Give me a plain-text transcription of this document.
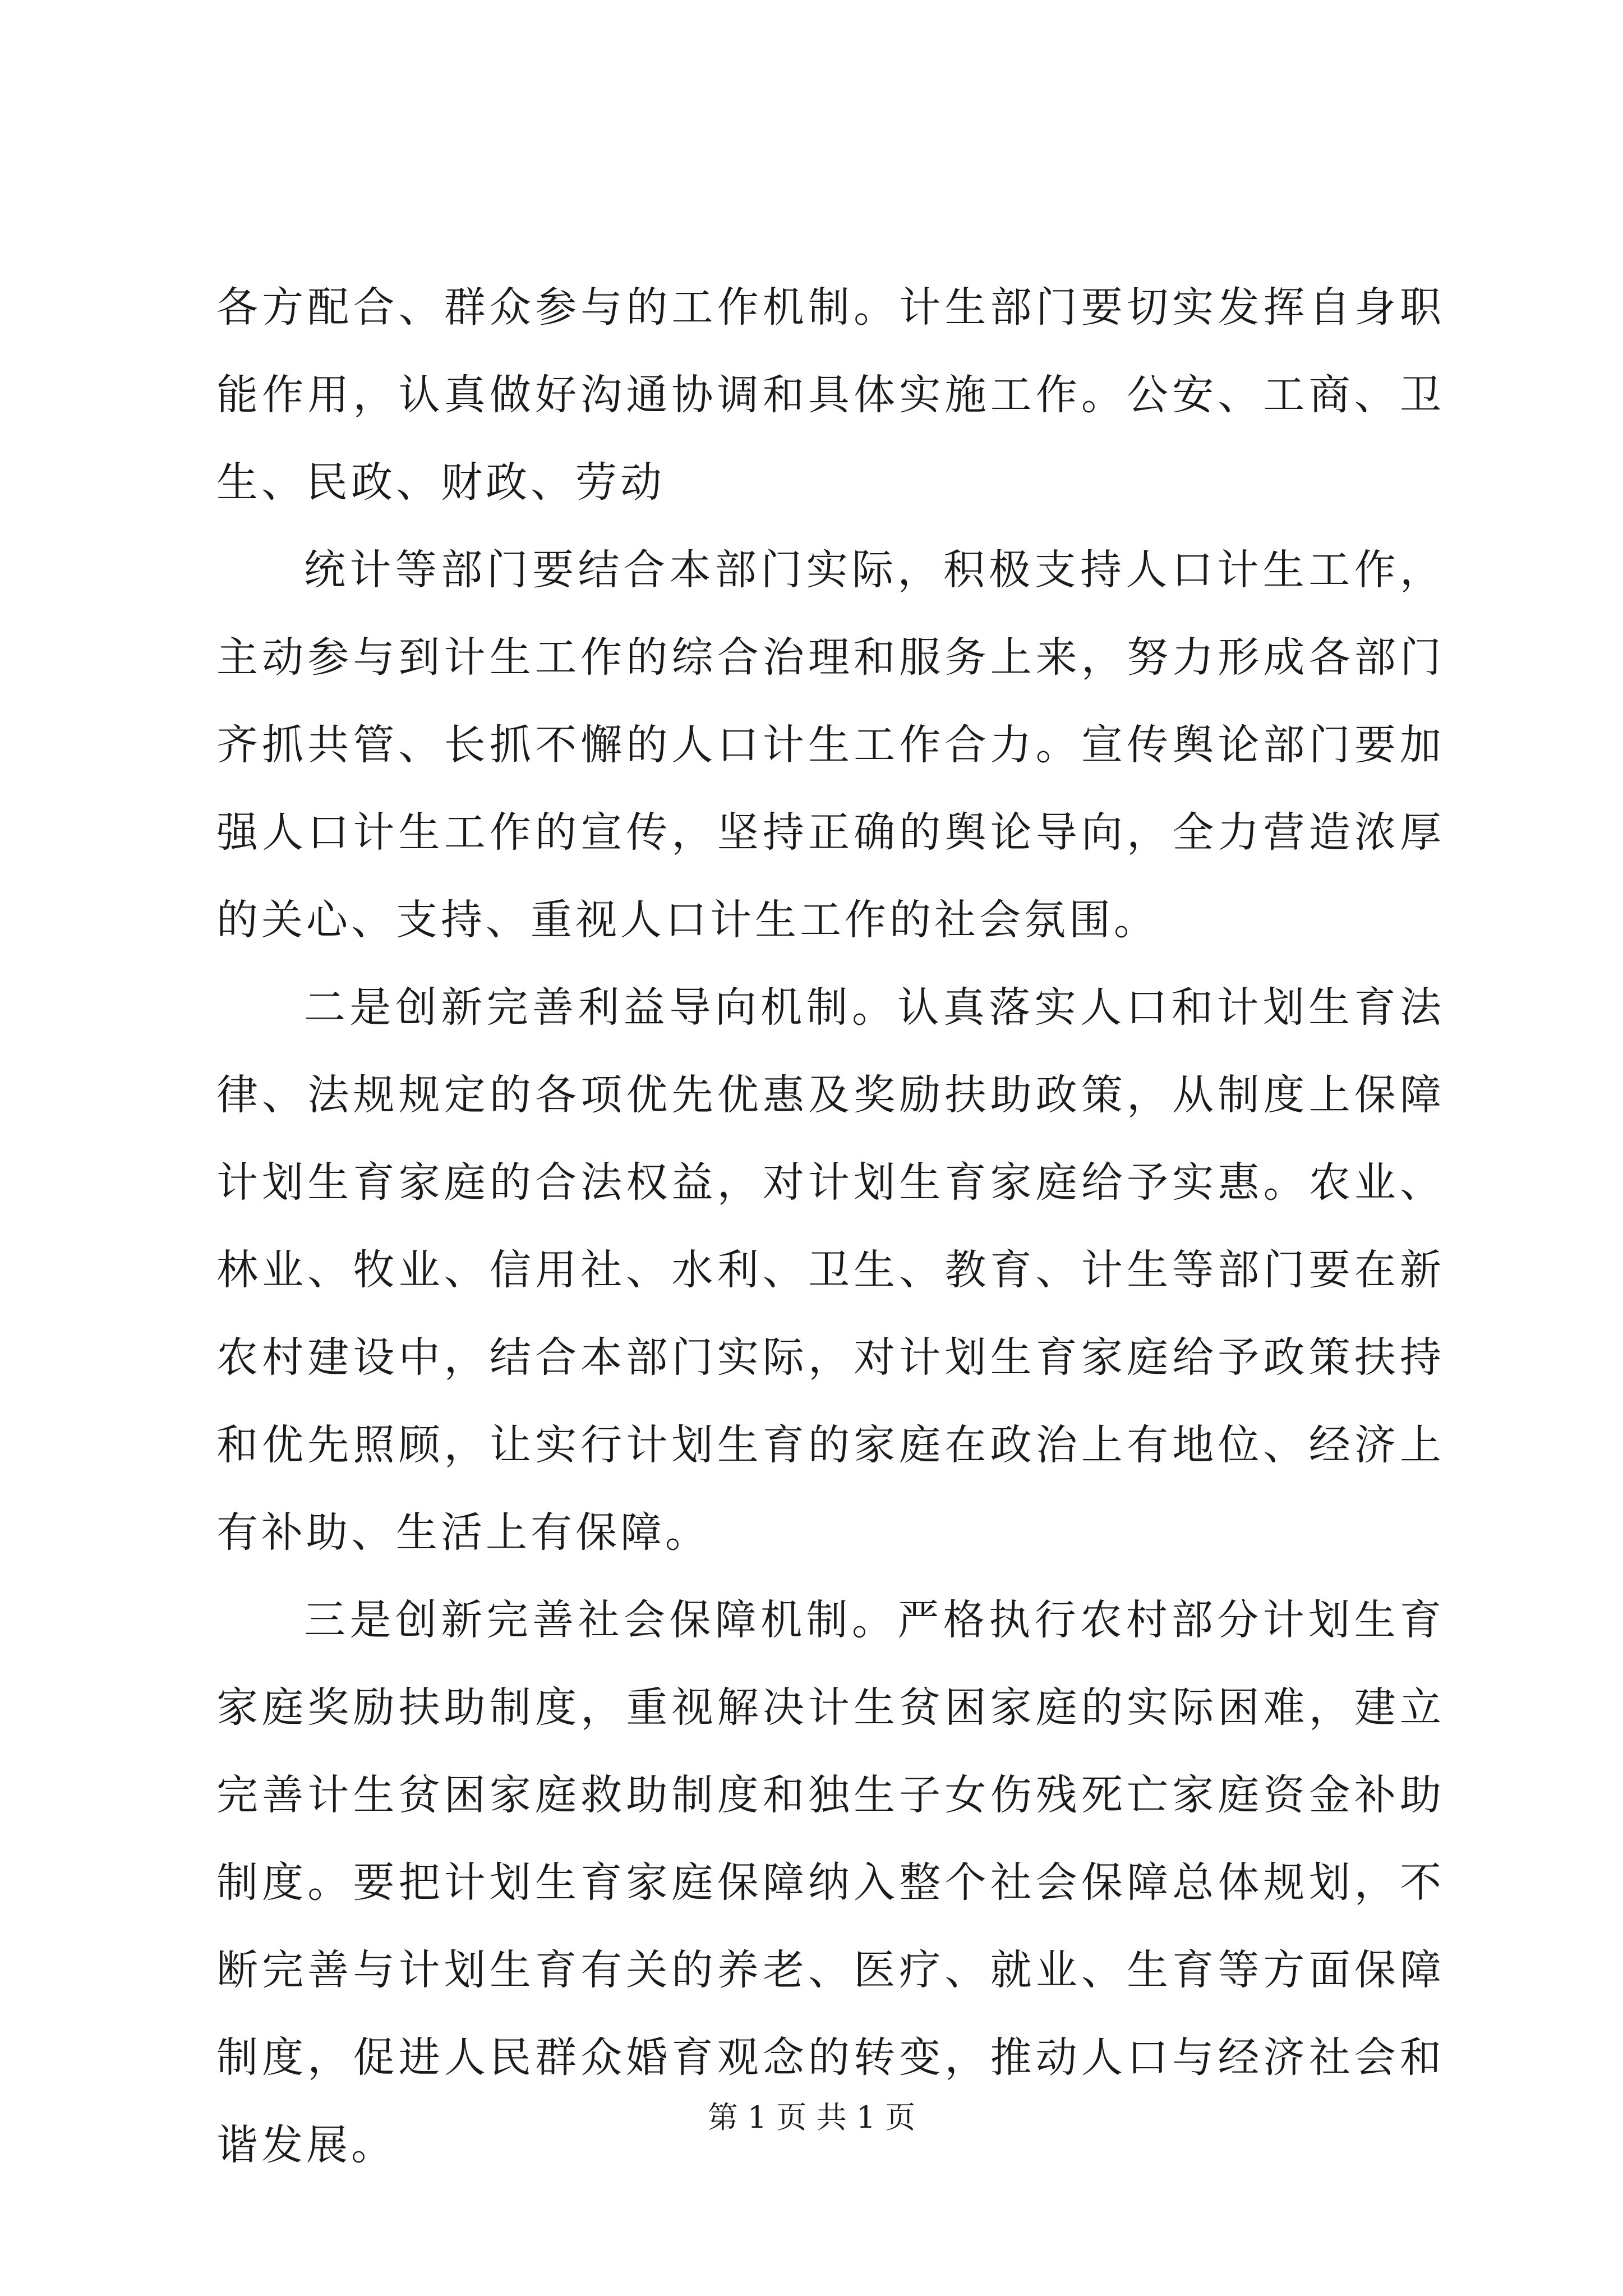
各方配合、群众参与的工作机制。计生部门要切实发挥自身职能作用，认真做好沟通协调和具体实施工作。公安、工商、卫生、民政、财政、劳动

统计等部门要结合本部门实际，积极支持人口计生工作，主动参与到计生工作的综合治理和服务上来，努力形成各部门齐抓共管、长抓不懈的人口计生工作合力。宣传舆论部门要加强人口计生工作的宣传，坚持正确的舆论导向，全力营造浓厚的关心、支持、重视人口计生工作的社会氛围。

二是创新完善利益导向机制。认真落实人口和计划生育法律、法规规定的各项优先优惠及奖励扶助政策，从制度上保障计划生育家庭的合法权益，对计划生育家庭给予实惠。农业、林业、牧业、信用社、水利、卫生、教育、计生等部门要在新农村建设中，结合本部门实际，对计划生育家庭给予政策扶持和优先照顾，让实行计划生育的家庭在政治上有地位、经济上有补助、生活上有保障。

三是创新完善社会保障机制。严格执行农村部分计划生育家庭奖励扶助制度，重视解决计生贫困家庭的实际困难，建立完善计生贫困家庭救助制度和独生子女伤残死亡家庭资金补助制度。要把计划生育家庭保障纳入整个社会保障总体规划，不断完善与计划生育有关的养老、医疗、就业、生育等方面保障制度，促进人民群众婚育观念的转变，推动人口与经济社会和谐发展。

第 1 页 共 1 页
